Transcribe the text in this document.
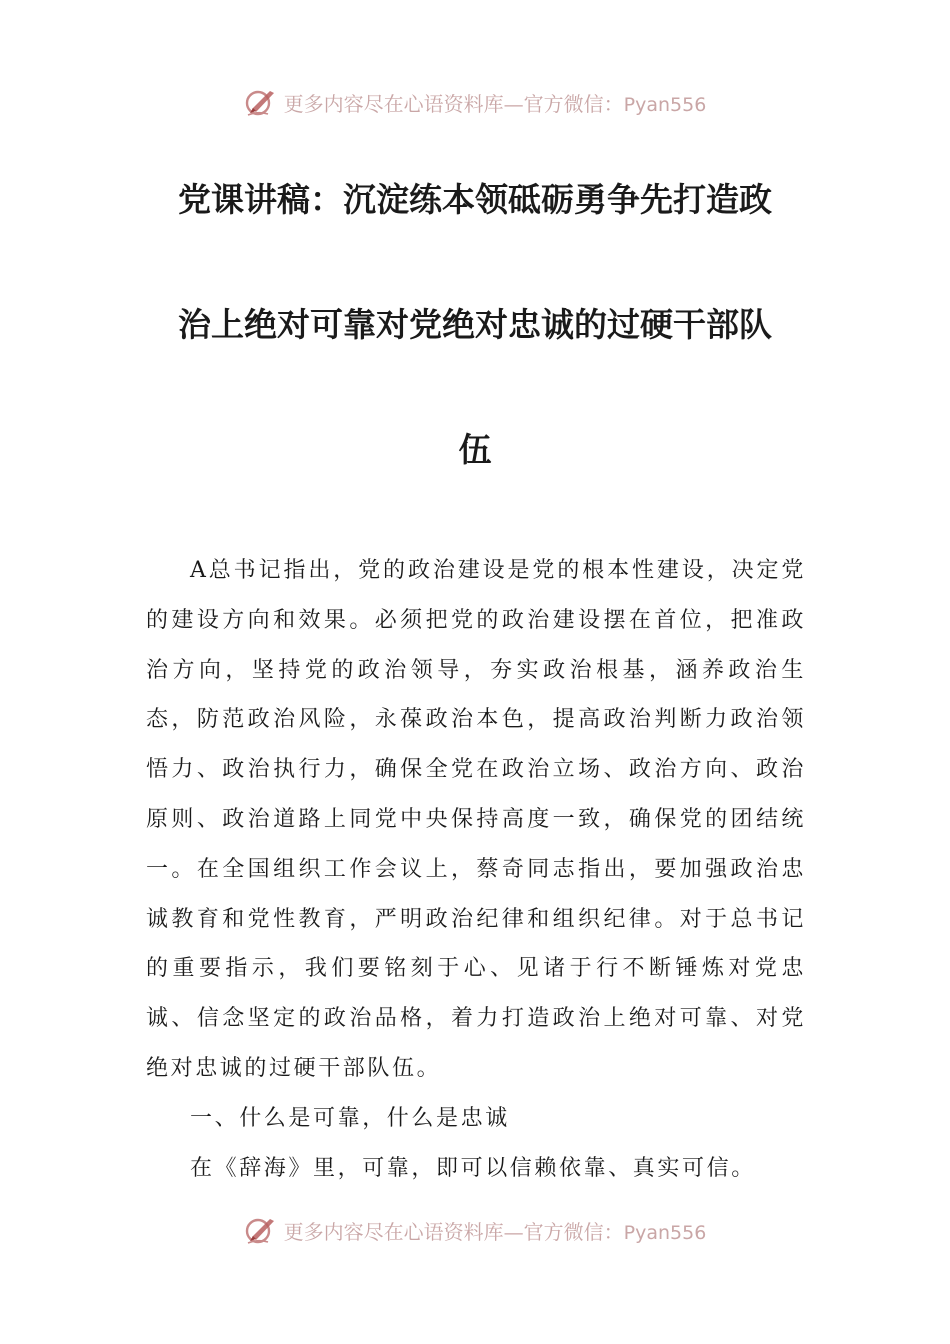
更多内容尽在心语资料库—官方微信：Pyan556
党课讲稿：沉淀练本领砥砺勇争先打造政
治上绝对可靠对党绝对忠诚的过硬干部队
伍

A总书记指出，党的政治建设是党的根本性建设，决定党的建设方向和效果。必须把党的政治建设摆在首位，把准政治方向，坚持党的政治领导，夯实政治根基，涵养政治生态，防范政治风险，永葆政治本色，提高政治判断力政治领悟力、政治执行力，确保全党在政治立场、政治方向、政治原则、政治道路上同党中央保持高度一致，确保党的团结统一。在全国组织工作会议上，蔡奇同志指出，要加强政治忠诚教育和党性教育，严明政治纪律和组织纪律。对于总书记的重要指示，我们要铭刻于心、见诸于行不断锤炼对党忠诚、信念坚定的政治品格，着力打造政治上绝对可靠、对党绝对忠诚的过硬干部队伍。

一、什么是可靠，什么是忠诚

在《辞海》里，可靠，即可以信赖依靠、真实可信。

更多内容尽在心语资料库—官方微信：Pyan556
